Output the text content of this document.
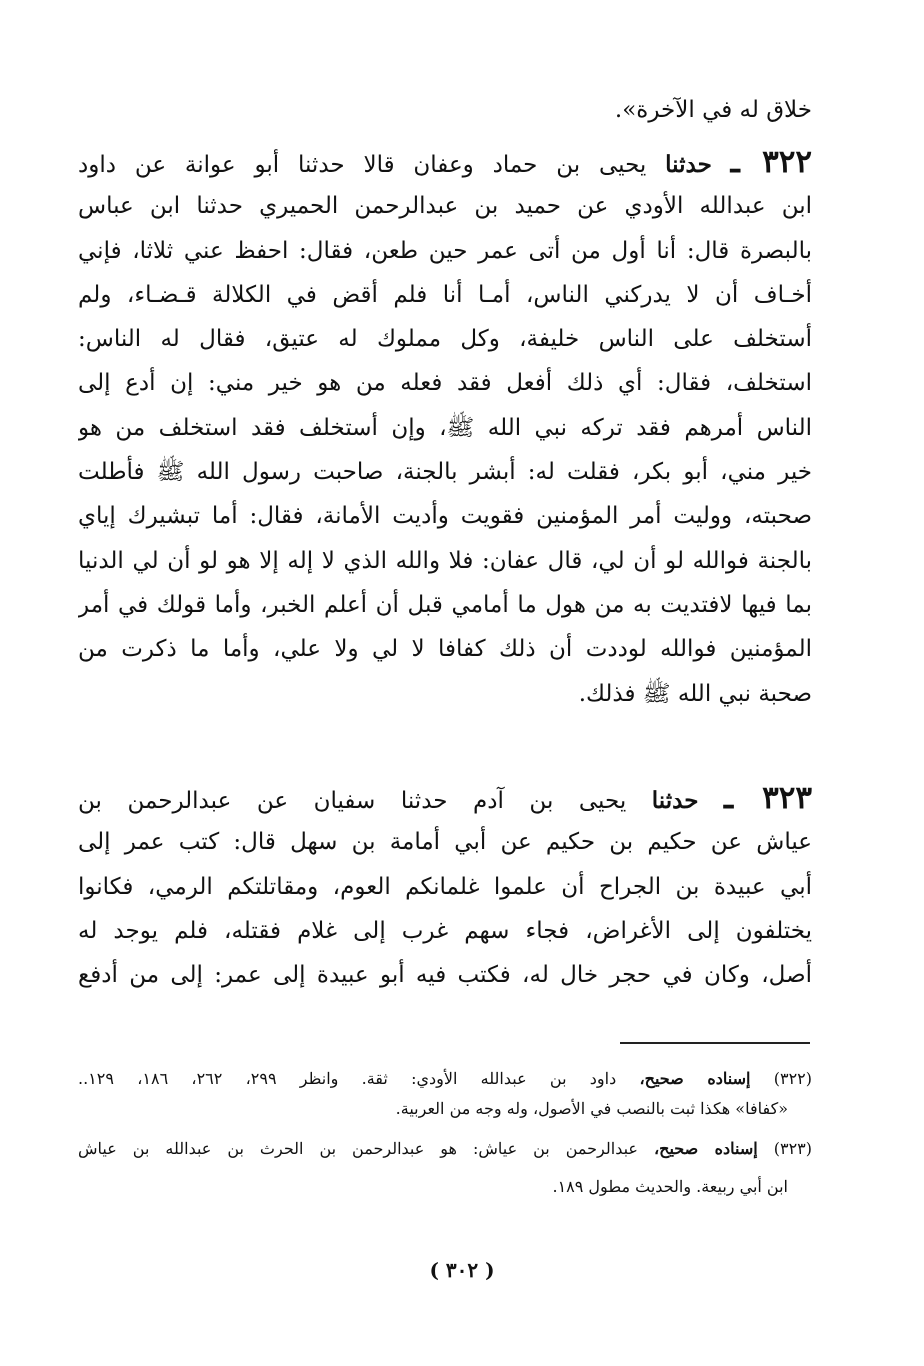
خلاق له في الآخرة».
٣٢٢ ـ حدثنا يحيى بن حماد وعفان قالا حدثنا أبو عوانة عن داود
ابن عبدالله الأودي عن حميد بن عبدالرحمن الحميري حدثنا ابن عباس
بالبصرة قال: أنا أول من أتى عمر حين طعن، فقال: احفظ عني ثلاثا، فإني
أخـاف أن لا يدركني الناس، أمـا أنا فلم أقض في الكلالة قـضـاء، ولم
أستخلف على الناس خليفة، وكل مملوك له عتيق، فقال له الناس:
استخلف، فقال: أي ذلك أفعل فقد فعله من هو خير مني: إن أدع إلى
الناس أمرهم فقد تركه نبي الله ﷺ، وإن أستخلف فقد استخلف من هو
خير مني، أبو بكر، فقلت له: أبشر بالجنة، صاحبت رسول الله ﷺ فأطلت
صحبته، ووليت أمر المؤمنين فقويت وأديت الأمانة، فقال: أما تبشيرك إياي
بالجنة فوالله لو أن لي، قال عفان: فلا والله الذي لا إله إلا هو لو أن لي الدنيا
بما فيها لافتديت به من هول ما أمامي قبل أن أعلم الخبر، وأما قولك في أمر
المؤمنين فوالله لوددت أن ذلك كفافا لا لي ولا علي، وأما ما ذكرت من
صحبة نبي الله ﷺ فذلك.
٣٢٣ ـ حدثنا يحيى بن آدم حدثنا سفيان عن عبدالرحمن بن
عياش عن حكيم بن حكيم عن أبي أمامة بن سهل قال: كتب عمر إلى
أبي عبيدة بن الجراح أن علموا غلمانكم العوم، ومقاتلتكم الرمي، فكانوا
يختلفون إلى الأغراض، فجاء سهم غرب إلى غلام فقتله، فلم يوجد له
أصل، وكان في حجر خال له، فكتب فيه أبو عبيدة إلى عمر: إلى من أدفع
(٣٢٢) إسناده صحيح، داود بن عبدالله الأودي: ثقة. وانظر ٢٩٩، ٢٦٢، ١٨٦، ١٢٩..
«كفافا» هكذا ثبت بالنصب في الأصول، وله وجه من العربية.
(٣٢٣) إسناده صحيح، عبدالرحمن بن عياش: هو عبدالرحمن بن الحرث بن عبدالله بن عياش
ابن أبي ربيعة. والحديث مطول ١٨٩.
( ٣٠٢ )
